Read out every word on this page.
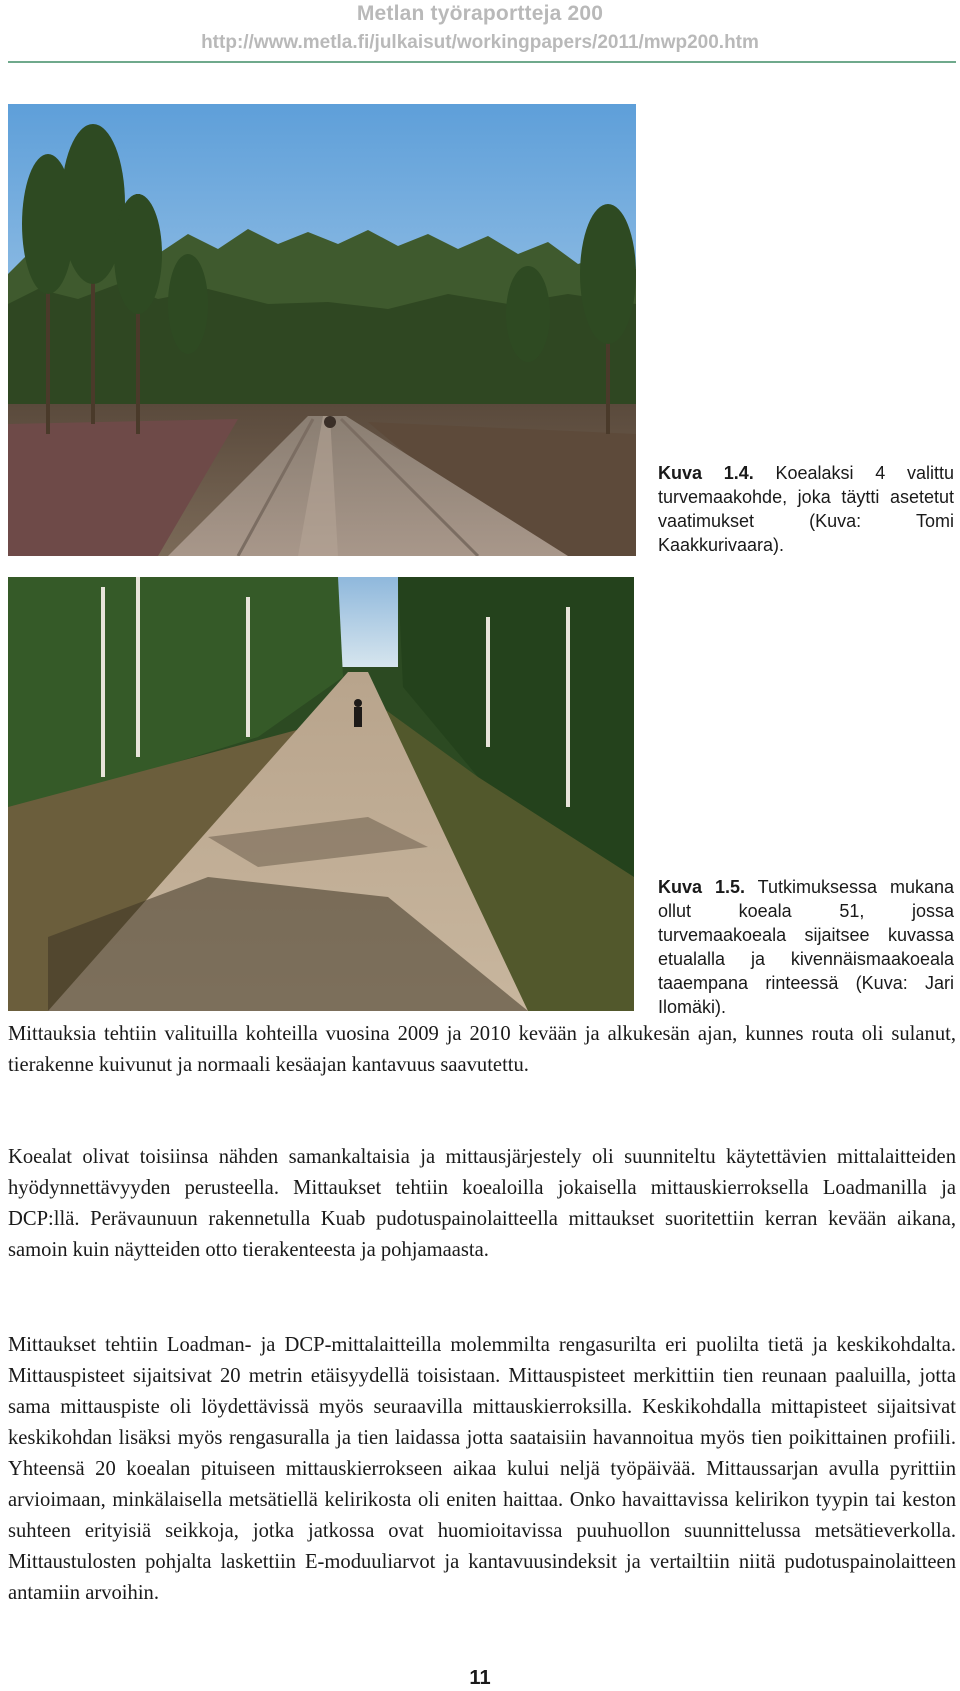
Metlan työraportteja 200
http://www.metla.fi/julkaisut/workingpapers/2011/mwp200.htm
Kuva 1.4. Koealaksi 4 valittu turvemaakohde, joka täytti asetetut vaatimukset (Kuva: Tomi Kaakkurivaara).
Kuva 1.5. Tutkimuksessa mukana ollut koeala 51, jossa turvemaakoeala sijaitsee kuvassa etualalla ja kivennäismaakoeala taaempana rinteessä (Kuva: Jari Ilomäki).

Mittauksia tehtiin valituilla kohteilla vuosina 2009 ja 2010 kevään ja alkukesän ajan, kunnes routa oli sulanut, tierakenne kuivunut ja normaali kesäajan kantavuus saavutettu.

Koealat olivat toisiinsa nähden samankaltaisia ja mittausjärjestely oli suunniteltu käytettävien mittalaitteiden hyödynnettävyyden perusteella. Mittaukset tehtiin koealoilla jokaisella mittauskierroksella Loadmanilla ja DCP:llä. Perävaunuun rakennetulla Kuab pudotuspainolaitteella mittaukset suoritettiin kerran kevään aikana, samoin kuin näytteiden otto tierakenteesta ja pohjamaasta.

Mittaukset tehtiin Loadman- ja DCP-mittalaitteilla molemmilta rengasurilta eri puolilta tietä ja keskikohdalta. Mittauspisteet sijaitsivat 20 metrin etäisyydellä toisistaan. Mittauspisteet merkittiin tien reunaan paaluilla, jotta sama mittauspiste oli löydettävissä myös seuraavilla mittauskierroksilla. Keskikohdalla mittapisteet sijaitsivat keskikohdan lisäksi myös rengasuralla ja tien laidassa jotta saataisiin havannoitua myös tien poikittainen profiili. Yhteensä 20 koealan pituiseen mittauskierrokseen aikaa kului neljä työpäivää. Mittaussarjan avulla pyrittiin arvioimaan, minkälaisella metsätiellä kelirikosta oli eniten haittaa. Onko havaittavissa kelirikon tyypin tai keston suhteen erityisiä seikkoja, jotka jatkossa ovat huomioitavissa puuhuollon suunnittelussa metsätieverkolla. Mittaustulosten pohjalta laskettiin E-moduuliarvot ja kantavuusindeksit ja vertailtiin niitä pudotuspainolaitteen antamiin arvoihin.

11
